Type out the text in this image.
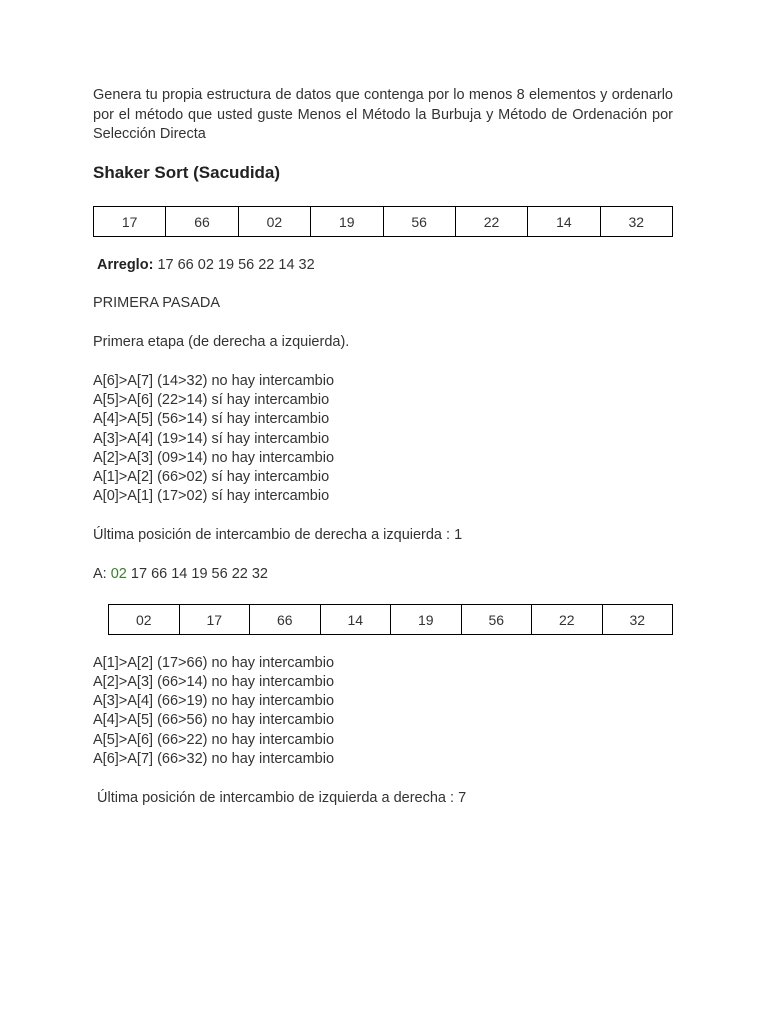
Genera tu propia estructura de datos que contenga por lo menos 8 elementos y ordenarlo por el método que usted guste Menos el Método la Burbuja y Método de Ordenación por Selección Directa

Shaker Sort (Sacudida)

17	66	02	19	56	22	14	32

Arreglo: 17 66 02 19 56 22 14 32

PRIMERA PASADA

Primera etapa (de derecha a izquierda).

A[6]>A[7] (14>32) no hay intercambio

A[5]>A[6] (22>14) sí hay intercambio

A[4]>A[5] (56>14) sí hay intercambio

A[3]>A[4] (19>14) sí hay intercambio

A[2]>A[3] (09>14) no hay intercambio

A[1]>A[2] (66>02) sí hay intercambio

A[0]>A[1] (17>02) sí hay intercambio

Última posición de intercambio de derecha a izquierda : 1

A: 02 17 66 14 19 56 22 32

02	17	66	14	19	56	22	32

A[1]>A[2] (17>66) no hay intercambio

A[2]>A[3] (66>14) no hay intercambio

A[3]>A[4] (66>19) no hay intercambio

A[4]>A[5] (66>56) no hay intercambio

A[5]>A[6] (66>22) no hay intercambio

A[6]>A[7] (66>32) no hay intercambio

Última posición de intercambio de izquierda a derecha : 7
